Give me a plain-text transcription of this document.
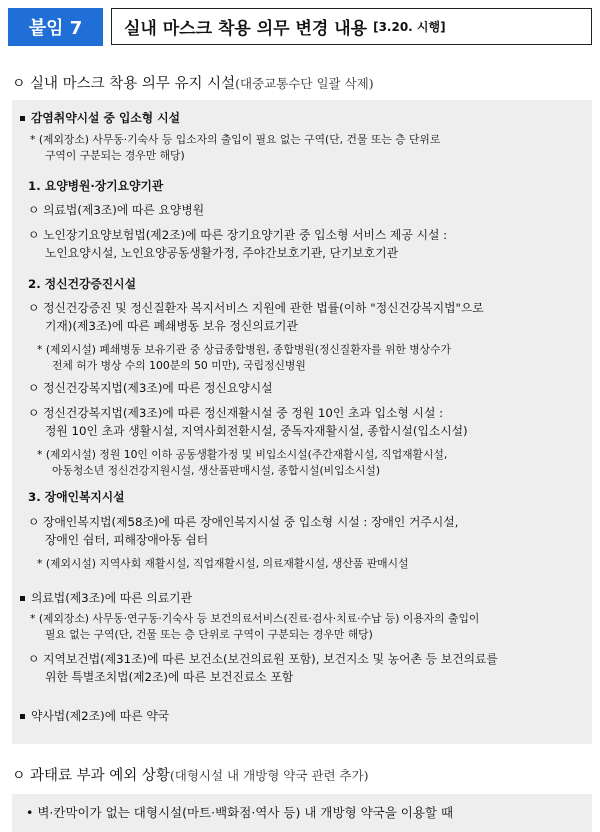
붙임 7	실내 마스크 착용 의무 변경 내용 [3.20. 시행]
ㅇ 실내 마스크 착용 의무 유지 시설 (대중교통수단 일괄 삭제)
감염취약시설 중 입소형 시설
* (제외장소) 사무동·기숙사 등 입소자의 출입이 필요 없는 구역(단, 건물 또는 층 단위로
구역이 구분되는 경우만 해당)
1. 요양병원·장기요양기관
ㅇ 의료법(제3조)에 따른 요양병원
ㅇ 노인장기요양보험법(제2조)에 따른 장기요양기관 중 입소형 서비스 제공 시설 :
노인요양시설, 노인요양공동생활가정, 주야간보호기관, 단기보호기관
2. 정신건강증진시설
ㅇ 정신건강증진 및 정신질환자 복지서비스 지원에 관한 법률(이하 "정신건강복지법"으로
기재)(제3조)에 따른 폐쇄병동 보유 정신의료기관
* (제외시설) 폐쇄병동 보유기관 중 상급종합병원, 종합병원(정신질환자를 위한 병상수가
전체 허가 병상 수의 100분의 50 미만), 국립정신병원
ㅇ 정신건강복지법(제3조)에 따른 정신요양시설
ㅇ 정신건강복지법(제3조)에 따른 정신재활시설 중 정원 10인 초과 입소형 시설 :
정원 10인 초과 생활시설, 지역사회전환시설, 중독자재활시설, 종합시설(입소시설)
* (제외시설) 정원 10인 이하 공동생활가정 및 비입소시설(주간재활시설, 직업재활시설,
아동청소년 정신건강지원시설, 생산품판매시설, 종합시설(비입소시설)
3. 장애인복지시설
ㅇ 장애인복지법(제58조)에 따른 장애인복지시설 중 입소형 시설 : 장애인 거주시설,
장애인 쉼터, 피해장애아동 쉼터
* (제외시설) 지역사회 재활시설, 직업재활시설, 의료재활시설, 생산품 판매시설
의료법(제3조)에 따른 의료기관
* (제외장소) 사무동·연구동·기숙사 등 보건의료서비스(진료·검사·치료·수납 등) 이용자의 출입이
필요 없는 구역(단, 건물 또는 층 단위로 구역이 구분되는 경우만 해당)
ㅇ 지역보건법(제31조)에 따른 보건소(보건의료원 포함), 보건지소 및 농어촌 등 보건의료를
위한 특별조치법(제2조)에 따른 보건진료소 포함
약사법(제2조)에 따른 약국
ㅇ 과태료 부과 예외 상황 (대형시설 내 개방형 약국 관련 추가)
• 벽·칸막이가 없는 대형시설(마트·백화점·역사 등) 내 개방형 약국을 이용할 때
